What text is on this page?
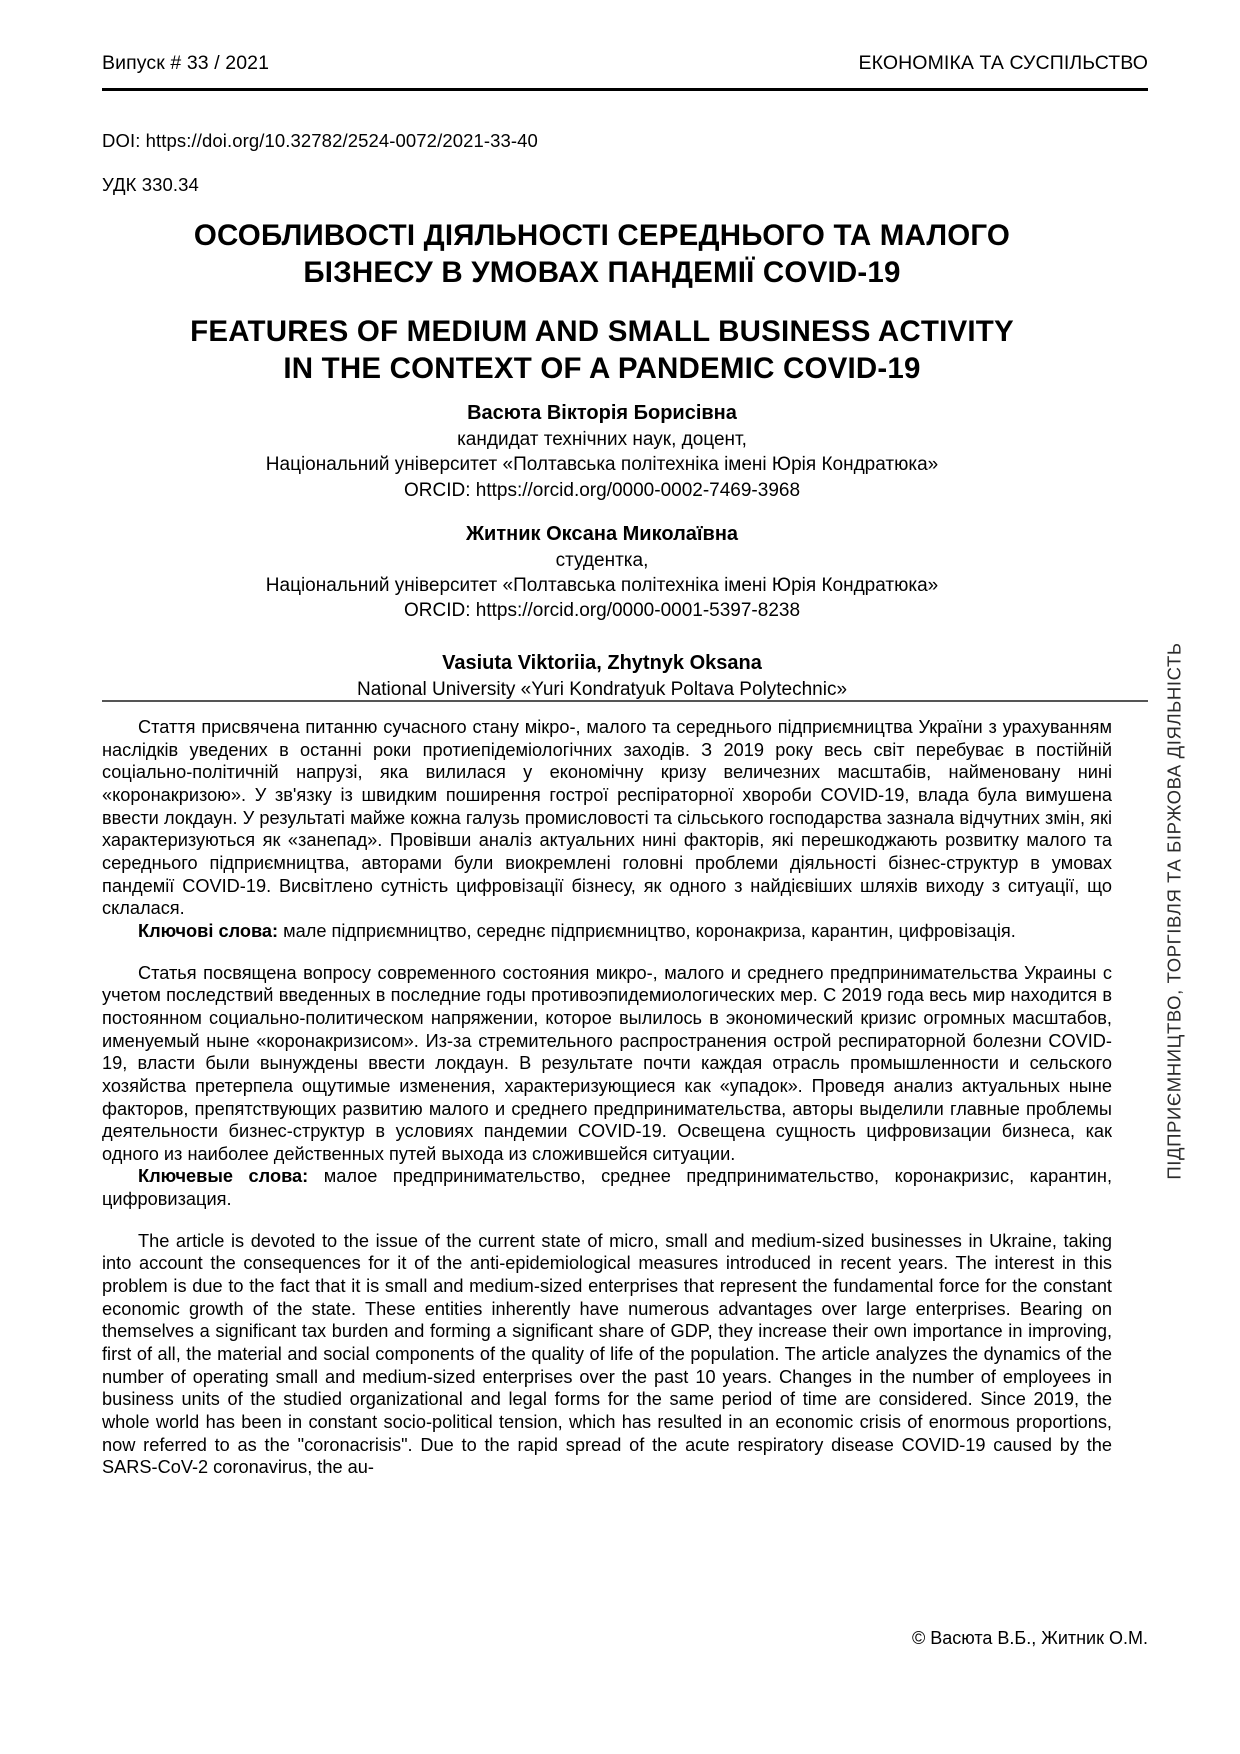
Випуск # 33 / 2021	ЕКОНОМІКА ТА СУСПІЛЬСТВО
DOI: https://doi.org/10.32782/2524-0072/2021-33-40
УДК 330.34
ОСОБЛИВОСТІ ДІЯЛЬНОСТІ СЕРЕДНЬОГО ТА МАЛОГО
БІЗНЕСУ В УМОВАХ ПАНДЕМІЇ COVID-19
FEATURES OF MEDIUM AND SMALL BUSINESS ACTIVITY
IN THE CONTEXT OF A PANDEMIC COVID-19
Васюта Вікторія Борисівна
кандидат технічних наук, доцент,
Національний університет «Полтавська політехніка імені Юрія Кондратюка»
ORCID: https://orcid.org/0000-0002-7469-3968
Житник Оксана Миколаївна
студентка,
Національний університет «Полтавська політехніка імені Юрія Кондратюка»
ORCID: https://orcid.org/0000-0001-5397-8238
Vasiuta Viktoriia, Zhytnyk Oksana
National University «Yuri Kondratyuk Poltava Polytechnic»

Стаття присвячена питанню сучасного стану мікро-, малого та середнього підприємництва України з урахуванням наслідків уведених в останні роки протиепідеміологічних заходів. З 2019 року весь світ перебуває в постійній соціально-політичній напрузі, яка вилилася у економічну кризу величезних масштабів, найменовану нині «коронакризою». У зв'язку із швидким поширення гострої респіраторної хвороби COVID-19, влада була вимушена ввести локдаун. У результаті майже кожна галузь промисловості та сільського господарства зазнала відчутних змін, які характеризуються як «занепад». Провівши аналіз актуальних нині факторів, які перешкоджають розвитку малого та середнього підприємництва, авторами були виокремлені головні проблеми діяльності бізнес-структур в умовах пандемії COVID-19. Висвітлено сутність цифровізації бізнесу, як одного з найдієвіших шляхів виходу з ситуації, що склалася.

Ключові слова: мале підприємництво, середнє підприємництво, коронакриза, карантин, цифровізація.

Статья посвящена вопросу современного состояния микро-, малого и среднего предпринимательства Украины с учетом последствий введенных в последние годы противоэпидемиологических мер. С 2019 года весь мир находится в постоянном социально-политическом напряжении, которое вылилось в экономический кризис огромных масштабов, именуемый ныне «коронакризисом». Из-за стремительного распространения острой респираторной болезни COVID-19, власти были вынуждены ввести локдаун. В результате почти каждая отрасль промышленности и сельского хозяйства претерпела ощутимые изменения, характеризующиеся как «упадок». Проведя анализ актуальных ныне факторов, препятствующих развитию малого и среднего предпринимательства, авторы выделили главные проблемы деятельности бизнес-структур в условиях пандемии COVID-19. Освещена сущность цифровизации бизнеса, как одного из наиболее действенных путей выхода из сложившейся ситуации.

Ключевые слова: малое предпринимательство, среднее предпринимательство, коронакризис, карантин, цифровизация.

The article is devoted to the issue of the current state of micro, small and medium-sized businesses in Ukraine, taking into account the consequences for it of the anti-epidemiological measures introduced in recent years. The interest in this problem is due to the fact that it is small and medium-sized enterprises that represent the fundamental force for the constant economic growth of the state. These entities inherently have numerous advantages over large enterprises. Bearing on themselves a significant tax burden and forming a significant share of GDP, they increase their own importance in improving, first of all, the material and social components of the quality of life of the population. The article analyzes the dynamics of the number of operating small and medium-sized enterprises over the past 10 years. Changes in the number of employees in business units of the studied organizational and legal forms for the same period of time are considered. Since 2019, the whole world has been in constant socio-political tension, which has resulted in an economic crisis of enormous proportions, now referred to as the "coronacrisis". Due to the rapid spread of the acute respiratory disease COVID-19 caused by the SARS-CoV-2 coronavirus, the au-

ПІДПРИЄМНИЦТВО, ТОРГІВЛЯ ТА БІРЖОВА ДІЯЛЬНІСТЬ
© Васюта В.Б., Житник О.М.
